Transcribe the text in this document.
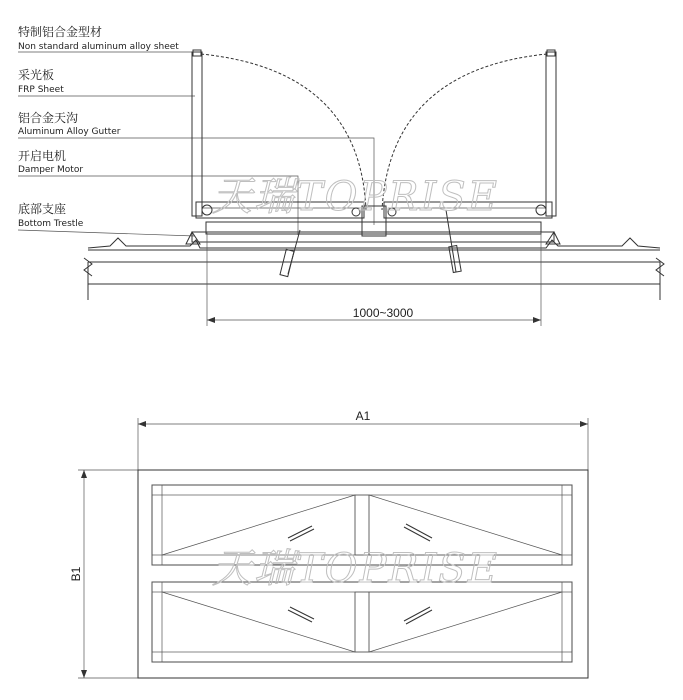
特制铝合金型材
Non standard aluminum alloy sheet
采光板
FRP Sheet
铝合金天沟
Aluminum Alloy Gutter
开启电机
Damper Motor
底部支座
Bottom Trestle
1000~3000
天瑞TOPRISE
A1
B1	天瑞TOPRISE
